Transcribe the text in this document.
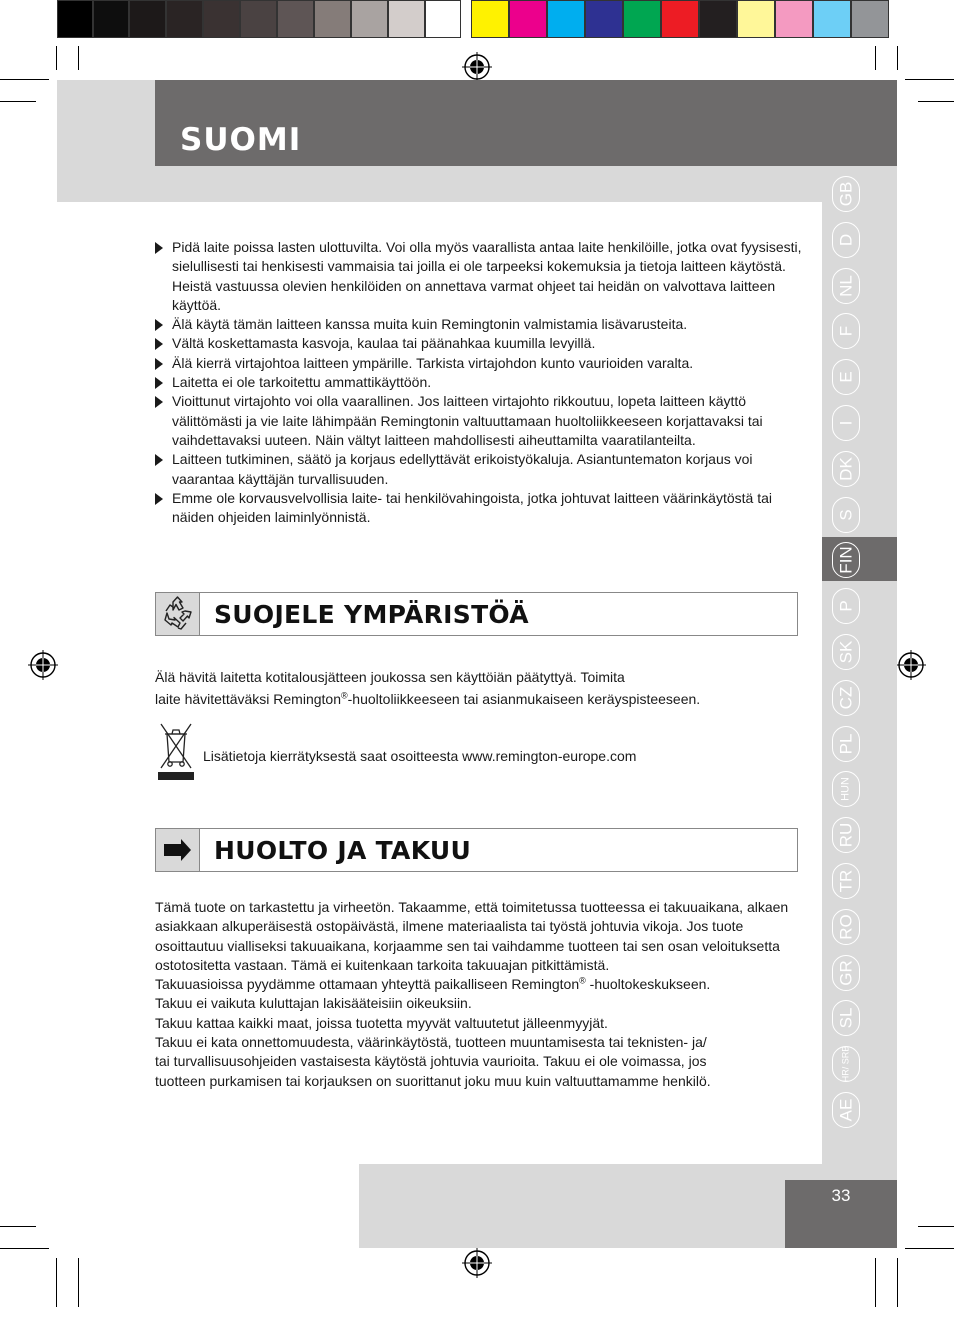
SUOMI
GB
D
NL
F
E
I
DK
S
FIN
P
SK
CZ
PL
HUN
RU
TR
RO
GR
SL
HR/ SRB
AE
Pidä laite poissa lasten ulottuvilta. Voi olla myös vaarallista antaa laite henkilöille, jotka ovat fyysisesti, sielullisesti tai henkisesti vammaisia tai joilla ei ole tarpeeksi kokemuksia ja tietoja laitteen käytöstä. Heistä vastuussa olevien henkilöiden on annettava varmat ohjeet tai heidän on valvottava laitteen käyttöä.
Älä käytä tämän laitteen kanssa muita kuin Remingtonin valmistamia lisävarusteita.
Vältä koskettamasta kasvoja, kaulaa tai päänahkaa kuumilla levyillä.
Älä kierrä virtajohtoa laitteen ympärille. Tarkista virtajohdon kunto vaurioiden varalta.
Laitetta ei ole tarkoitettu ammattikäyttöön.
Vioittunut virtajohto voi olla vaarallinen. Jos laitteen virtajohto rikkoutuu, lopeta laitteen käyttö välittömästi ja vie laite lähimpään Remingtonin valtuuttamaan huoltoliikkeeseen korjattavaksi tai vaihdettavaksi uuteen. Näin vältyt laitteen mahdollisesti aiheuttamilta vaaratilanteilta.
Laitteen tutkiminen, säätö ja korjaus edellyttävät erikoistyökaluja. Asiantuntematon korjaus voi vaarantaa käyttäjän turvallisuuden.
Emme ole korvausvelvollisia laite- tai henkilövahingoista, jotka johtuvat laitteen väärinkäytöstä tai näiden ohjeiden laiminlyönnistä.
SUOJELE YMPÄRISTÖÄ

Älä hävitä laitetta kotitalousjätteen joukossa sen käyttöiän päätyttyä. Toimita

laite hävitettäväksi Remington®-huoltoliikkeeseen tai asianmukaiseen keräyspisteeseen.

Lisätietoja kierrätyksestä saat osoitteesta www.remington-europe.com
HUOLTO JA TAKUU

Tämä tuote on tarkastettu ja virheetön. Takaamme, että toimitetussa tuotteessa ei takuuaikana, alkaen asiakkaan alkuperäisestä ostopäivästä, ilmene materiaalista tai työstä johtuvia vikoja. Jos tuote osoittautuu vialliseksi takuuaikana, korjaamme sen tai vaihdamme tuotteen tai sen osan veloituksetta ostotositetta vastaan. Tämä ei kuitenkaan tarkoita takuuajan pitkittämistä.

Takuuasioissa pyydämme ottamaan yhteyttä paikalliseen Remington® -huoltokeskukseen.

Takuu ei vaikuta kuluttajan lakisääteisiin oikeuksiin.

Takuu kattaa kaikki maat, joissa tuotetta myyvät valtuutetut jälleenmyyjät.

Takuu ei kata onnettomuudesta, väärinkäytöstä, tuotteen muuntamisesta tai teknisten- ja/

tai turvallisuusohjeiden vastaisesta käytöstä johtuvia vaurioita. Takuu ei ole voimassa, jos

tuotteen purkamisen tai korjauksen on suorittanut joku muu kuin valtuuttamamme henkilö.

33
